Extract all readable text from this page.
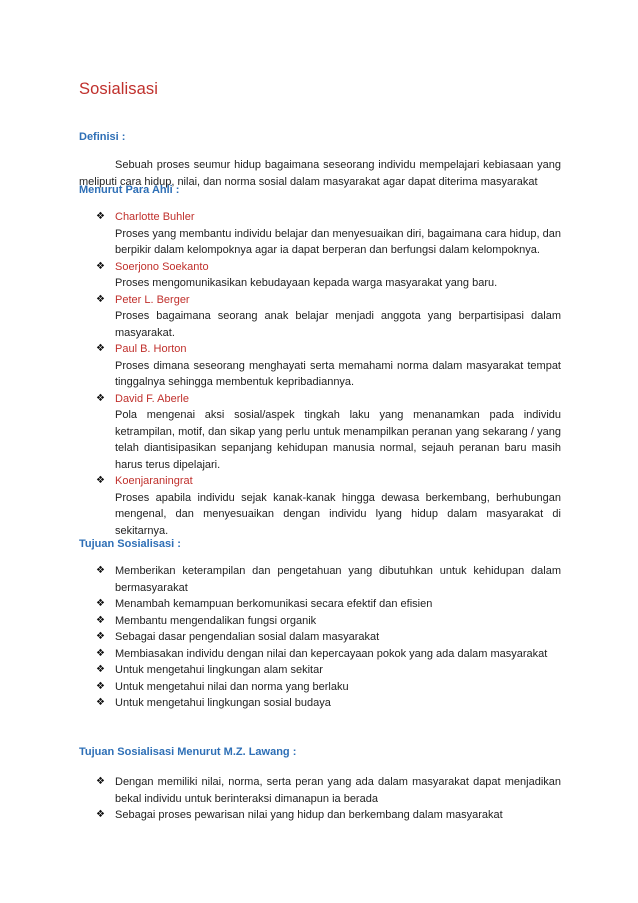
Sosialisasi
Definisi :
Sebuah proses seumur hidup bagaimana seseorang individu mempelajari kebiasaan yang meliputi cara hidup, nilai, dan norma sosial dalam masyarakat agar dapat diterima masyarakat
Menurut Para Ahli :
❖ Charlotte Buhler
Proses yang membantu individu belajar dan menyesuaikan diri, bagaimana cara hidup, dan berpikir dalam kelompoknya agar ia dapat berperan dan berfungsi dalam kelompoknya.
❖ Soerjono Soekanto
Proses mengomunikasikan kebudayaan kepada warga masyarakat yang baru.
❖ Peter L. Berger
Proses bagaimana seorang anak belajar menjadi anggota yang berpartisipasi dalam masyarakat.
❖ Paul B. Horton
Proses dimana seseorang menghayati serta memahami norma dalam masyarakat tempat tinggalnya sehingga membentuk kepribadiannya.
❖ David F. Aberle
Pola mengenai aksi sosial/aspek tingkah laku yang menanamkan pada individu ketrampilan, motif, dan sikap yang perlu untuk menampilkan peranan yang sekarang / yang telah diantisipasikan sepanjang kehidupan manusia normal, sejauh peranan baru masih harus terus dipelajari.
❖ Koenjaraningrat
Proses apabila individu sejak kanak-kanak hingga dewasa berkembang, berhubungan mengenal, dan menyesuaikan dengan individu lyang hidup dalam masyarakat di sekitarnya.
Tujuan Sosialisasi :
❖ Memberikan keterampilan dan pengetahuan yang dibutuhkan untuk kehidupan dalam bermasyarakat
❖ Menambah kemampuan berkomunikasi secara efektif dan efisien
❖ Membantu mengendalikan fungsi organik
❖ Sebagai dasar pengendalian sosial dalam masyarakat
❖ Membiasakan individu dengan nilai dan kepercayaan pokok yang ada dalam masyarakat
❖ Untuk mengetahui lingkungan alam sekitar
❖ Untuk mengetahui nilai dan norma yang berlaku
❖ Untuk mengetahui lingkungan sosial budaya
Tujuan Sosialisasi Menurut M.Z. Lawang :
❖ Dengan memiliki nilai, norma, serta peran yang ada dalam masyarakat dapat menjadikan bekal individu untuk berinteraksi dimanapun ia berada
❖ Sebagai proses pewarisan nilai yang hidup dan berkembang dalam masyarakat
